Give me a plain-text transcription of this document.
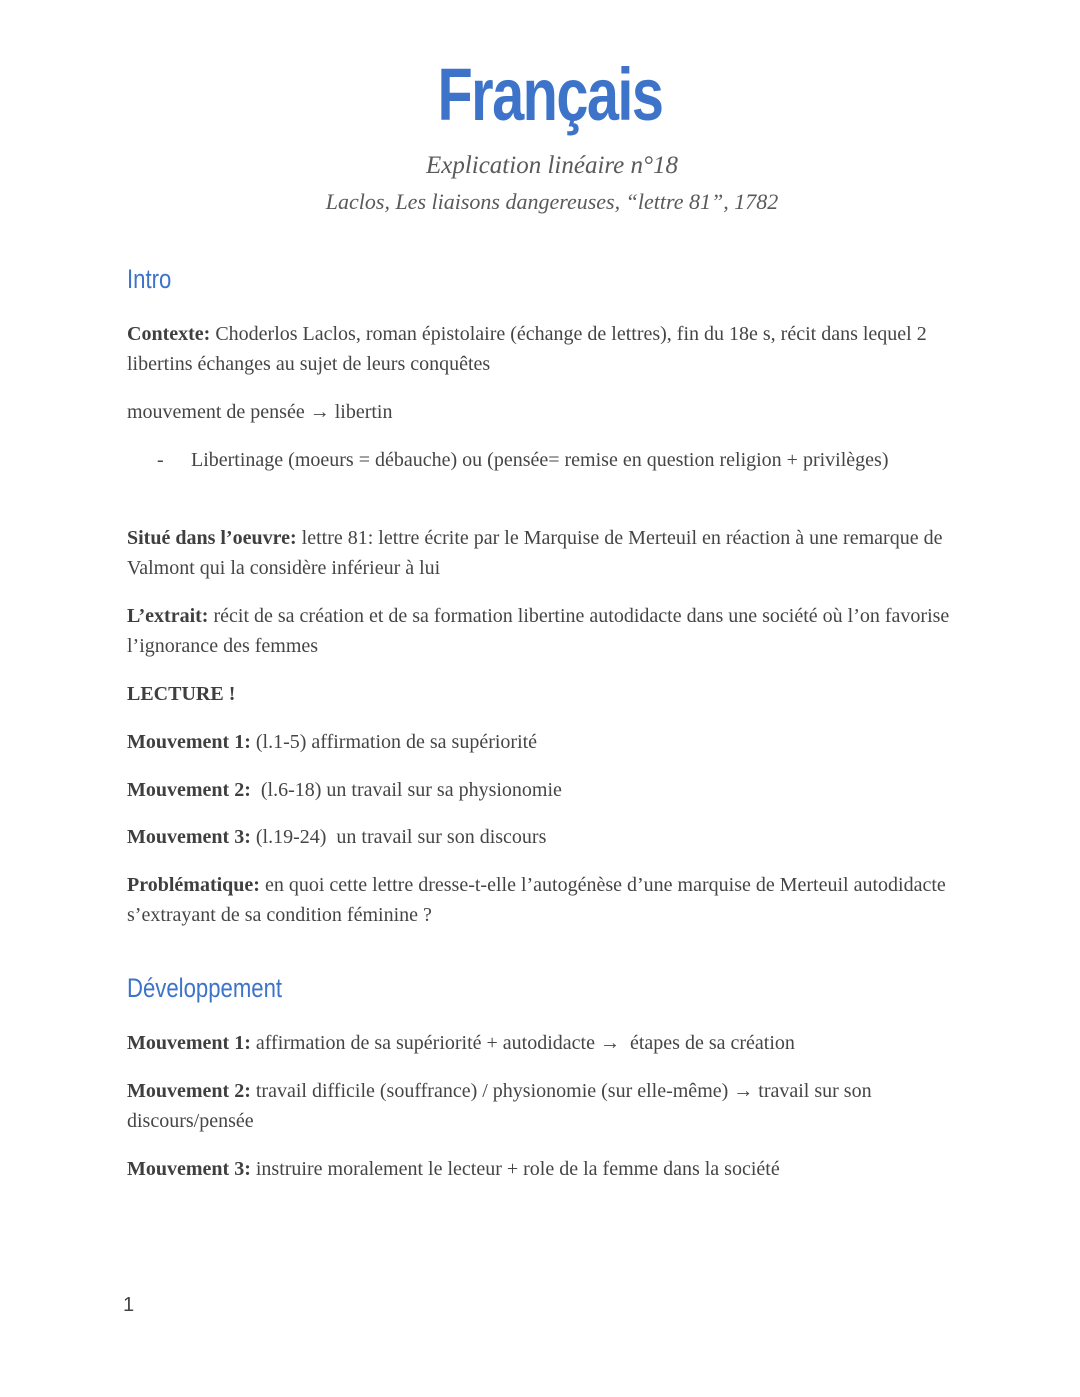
Français
Explication linéaire n°18
Laclos, Les liaisons dangereuses, “lettre 81”, 1782
Intro
Contexte: Choderlos Laclos, roman épistolaire (échange de lettres), fin du 18e s, récit dans lequel 2 libertins échanges au sujet de leurs conquêtes
mouvement de pensée → libertin
- Libertinage (moeurs = débauche) ou (pensée= remise en question religion + privilèges)
Situé dans l’oeuvre: lettre 81: lettre écrite par le Marquise de Merteuil en réaction à une remarque de Valmont qui la considère inférieur à lui
L’extrait: récit de sa création et de sa formation libertine autodidacte dans une société où l’on favorise l’ignorance des femmes
LECTURE !
Mouvement 1: (l.1-5) affirmation de sa supériorité
Mouvement 2:  (l.6-18) un travail sur sa physionomie
Mouvement 3: (l.19-24)  un travail sur son discours
Problématique: en quoi cette lettre dresse-t-elle l’autogénèse d’une marquise de Merteuil autodidacte s’extrayant de sa condition féminine ?
Développement
Mouvement 1: affirmation de sa supériorité + autodidacte →  étapes de sa création
Mouvement 2: travail difficile (souffrance) / physionomie (sur elle-même) → travail sur son discours/pensée
Mouvement 3: instruire moralement le lecteur + role de la femme dans la société
1
